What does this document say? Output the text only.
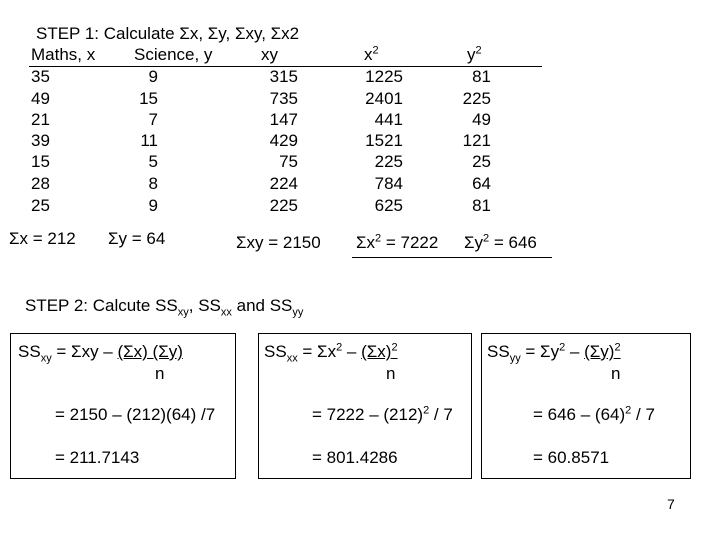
STEP 1: Calculate Σx, Σy, Σxy, Σx2
Maths, x Science, y	xy	$x^2$	$y^2$
35	9	315	1225	81
49	15	735	2401	225
21	7	147	441	49
39	11	429	1521	121
15	5	75	225	25
28	8	224	784	64
25	9	225	625	81
Σx = 212 Σy = 64	Σxy = 2150 $\Sigma x^2 = 7222$ $\Sigma y^2 = 646$
STEP 2: Calcute $SS_{xy}$, $SS_{xx}$ and $SS_{yy}$
$SS_{xy} = \Sigma xy - (\Sigma x)$ (Σy)
n
= 2150 – (212)(64) /7
= 211.7143
$SS_{xx} = \Sigma x^2 - (\Sigma x)^2$
n
= $7222 - (212)^2 / 7$
= 801.4286
$SS_{yy} = \Sigma y^2 - (\Sigma y)^2$
n
= $646 - (64)^2 / 7$
= 60.8571
7
